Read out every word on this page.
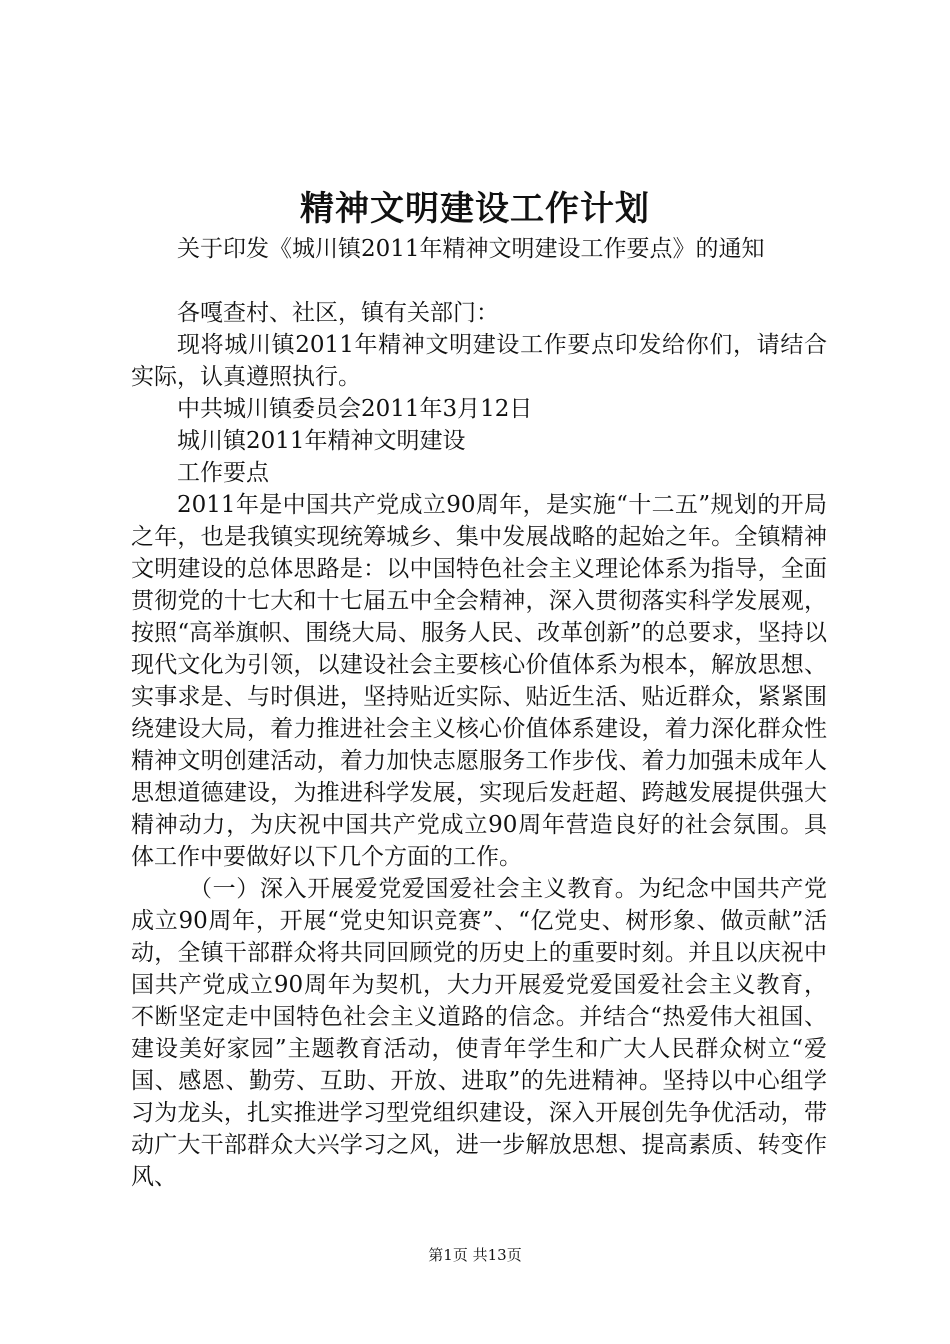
精神文明建设工作计划

关于印发《城川镇2011年精神文明建设工作要点》的通知

各嘎查村、社区，镇有关部门：

现将城川镇2011年精神文明建设工作要点印发给你们，请结合实际，认真遵照执行。

中共城川镇委员会2011年3月12日

城川镇2011年精神文明建设

工作要点

2011年是中国共产党成立90周年，是实施“十二五”规划的开局之年，也是我镇实现统筹城乡、集中发展战略的起始之年。全镇精神文明建设的总体思路是：以中国特色社会主义理论体系为指导，全面贯彻党的十七大和十七届五中全会精神，深入贯彻落实科学发展观，按照“高举旗帜、围绕大局、服务人民、改革创新”的总要求，坚持以现代文化为引领，以建设社会主要核心价值体系为根本，解放思想、实事求是、与时俱进，坚持贴近实际、贴近生活、贴近群众，紧紧围绕建设大局，着力推进社会主义核心价值体系建设，着力深化群众性精神文明创建活动，着力加快志愿服务工作步伐、着力加强未成年人思想道德建设，为推进科学发展，实现后发赶超、跨越发展提供强大精神动力，为庆祝中国共产党成立90周年营造良好的社会氛围。具体工作中要做好以下几个方面的工作。

（一）深入开展爱党爱国爱社会主义教育。为纪念中国共产党成立90周年，开展“党史知识竞赛”、“亿党史、树形象、做贡献”活动，全镇干部群众将共同回顾党的历史上的重要时刻。并且以庆祝中国共产党成立90周年为契机，大力开展爱党爱国爱社会主义教育，不断坚定走中国特色社会主义道路的信念。并结合“热爱伟大祖国、建设美好家园”主题教育活动，使青年学生和广大人民群众树立“爱国、感恩、勤劳、互助、开放、进取”的先进精神。坚持以中心组学习为龙头，扎实推进学习型党组织建设，深入开展创先争优活动，带动广大干部群众大兴学习之风，进一步解放思想、提高素质、转变作风、

第1页 共13页
